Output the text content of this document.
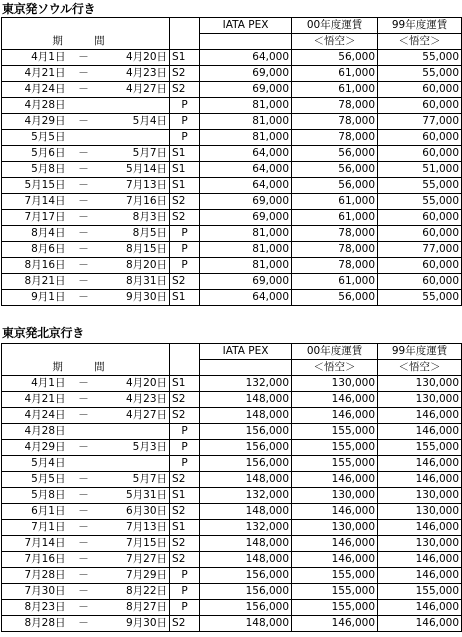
東京発ソウル行き
				IATA PEX	00年度運賃	99年度運賃
期 間					＜悟空＞	＜悟空＞
4月1日	－	4月20日	S1	64,000	56,000	55,000
4月21日	－	4月23日	S2	69,000	61,000	55,000
4月24日	－	4月27日	S2	69,000	61,000	60,000
4月28日			P	81,000	78,000	60,000
4月29日	－	5月4日	P	81,000	78,000	77,000
5月5日			P	81,000	78,000	60,000
5月6日	－	5月7日	S1	64,000	56,000	60,000
5月8日	－	5月14日	S1	64,000	56,000	51,000
5月15日	－	7月13日	S1	64,000	56,000	55,000
7月14日	－	7月16日	S2	69,000	61,000	55,000
7月17日	－	8月3日	S2	69,000	61,000	60,000
8月4日	－	8月5日	P	81,000	78,000	60,000
8月6日	－	8月15日	P	81,000	78,000	77,000
8月16日	－	8月20日	P	81,000	78,000	60,000
8月21日	－	8月31日	S2	69,000	61,000	60,000
9月1日	－	9月30日	S1	64,000	56,000	55,000
東京発北京行き
				IATA PEX	00年度運賃	99年度運賃
期 間					＜悟空＞	＜悟空＞
4月1日	－	4月20日	S1	132,000	130,000	130,000
4月21日	－	4月23日	S2	148,000	146,000	130,000
4月24日	－	4月27日	S2	148,000	146,000	146,000
4月28日			P	156,000	155,000	146,000
4月29日	－	5月3日	P	156,000	155,000	155,000
5月4日			P	156,000	155,000	146,000
5月5日	－	5月7日	S2	148,000	146,000	146,000
5月8日	－	5月31日	S1	132,000	130,000	130,000
6月1日	－	6月30日	S2	148,000	146,000	130,000
7月1日	－	7月13日	S1	132,000	130,000	146,000
7月14日	－	7月15日	S2	148,000	146,000	130,000
7月16日	－	7月27日	S2	148,000	146,000	146,000
7月28日	－	7月29日	P	156,000	155,000	146,000
7月30日	－	8月22日	P	156,000	155,000	155,000
8月23日	－	8月27日	P	156,000	155,000	146,000
8月28日	－	9月30日	S2	148,000	146,000	146,000
